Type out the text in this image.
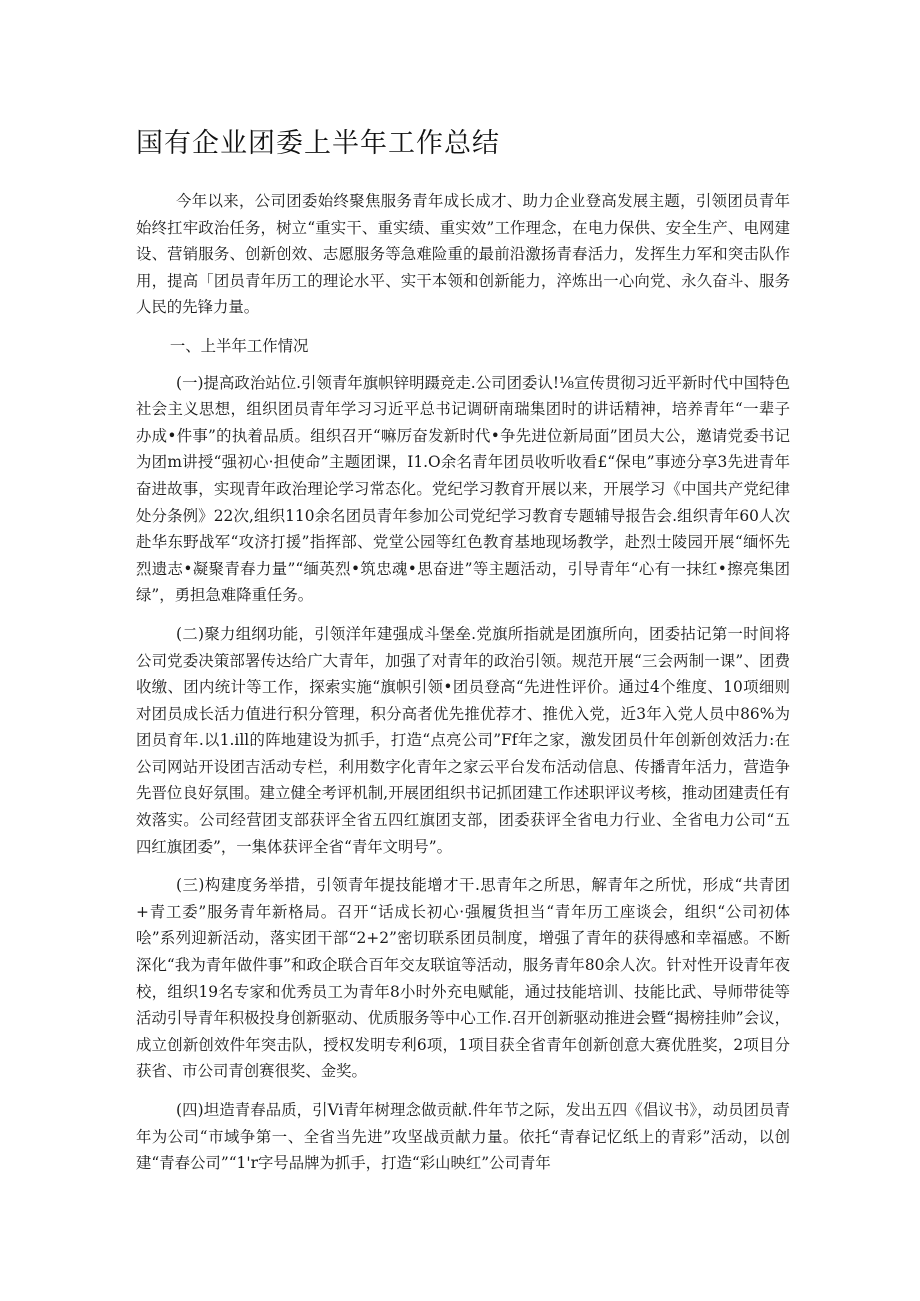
国有企业团委上半年工作总结

今年以来，公司团委始终聚焦服务青年成长成才、助力企业登高发展主题，引领团员青年始终扛牢政治任务，树立“重实干、重实绩、重实效”工作理念，在电力保供、安全生产、电网建设、营销服务、创新创效、志愿服务等急难险重的最前沿激扬青春活力，发挥生力军和突击队作用，提高「团员青年历工的理论水平、实干本领和创新能力，淬炼出一心向党、永久奋斗、服务人民的先锋力量。

一、上半年工作情况

(一)提高政治站位.引领青年旗帜锌明蹑竞走.公司团委认!⅛宣传贯彻习近平新时代中国特色社会主义思想，组织团员青年学习习近平总书记调研南瑞集团时的讲话精神，培养青年“一辈子办成•件事”的执着品质。组织召开“嘛厉奋发新时代•争先进位新局面”团员大公，邀请党委书记为团m讲授“强初心·担使命”主题团课，I1.O余名青年团员收听收看£“保电”事迹分享3先进青年奋进故事，实现青年政治理论学习常态化。党纪学习教育开展以来，开展学习《中国共产党纪律处分条例》22次,组织110余名团员青年参加公司党纪学习教育专题辅导报告会.组织青年60人次赴华东野战军“攻济打援”指挥部、党堂公园等红色教育基地现场教学，赴烈士陵园开展“缅怀先烈遗志•凝聚青春力量”“缅英烈•筑忠魂•思奋进”等主题活动，引导青年“心有一抹红•擦亮集团绿”，勇担急难降重任务。

(二)聚力组纲功能，引领洋年建强成斗堡垒.党旗所指就是团旗所向，团委拈记第一时间将公司党委决策部署传达给广大青年，加强了对青年的政治引领。规范开展“三会两制一课”、团费收缴、团内统计等工作，探索实施“旗帜引领•团员登高“先进性评价。通过4个维度、10项细则对团员成长活力值进行积分管理，积分高者优先推优荐才、推优入党，近3年入党人员中86%为团员育年.以1.ill的阵地建设为抓手，打造“点亮公司”Ff年之家，激发团员什年创新创效活力:在公司网站开设团吉活动专栏，利用数字化青年之家云平台发布活动信息、传播青年活力，营造争先晋位良好氛围。建立健全考评机制,开展团组织书记抓团建工作述职评议考核，推动团建责任有效落实。公司经营团支部获评全省五四红旗团支部，团委获评全省电力行业、全省电力公司“五四红旗团委”，一集体获评全省“青年文明号”。

(三)构建度务举措，引领青年提技能增才干.思青年之所思，解青年之所忧，形成“共青团+青工委”服务青年新格局。召开“话成长初心·强履货担当“青年历工座谈会，组织“公司初体哙”系列迎新活动，落实团干部“2+2”密切联系团员制度，增强了青年的获得感和幸福感。不断深化“我为青年做件事”和政企联合百年交友联谊等活动，服务青年80余人次。针对性开设青年夜校，组织19名专家和优秀员工为青年8小时外充电赋能，通过技能培训、技能比武、导师带徒等活动引导青年积极投身创新驱动、优质服务等中心工作.召开创新驱动推进会暨“揭榜挂帅”会议，成立创新创效件年突击队，授权发明专利6项，1项目获全省青年创新创意大赛优胜奖，2项目分获省、市公司青创赛很奖、金奖。

(四)坦造青春品质，引Vi青年树理念做贡献.件年节之际，发出五四《倡议书》，动员团员青年为公司“市域争第一、全省当先进”攻坚战贡献力量。依托“青春记忆纸上的青彩”活动，以创建“青春公司”“1'r字号品牌为抓手，打造“彩山映红”公司青年
